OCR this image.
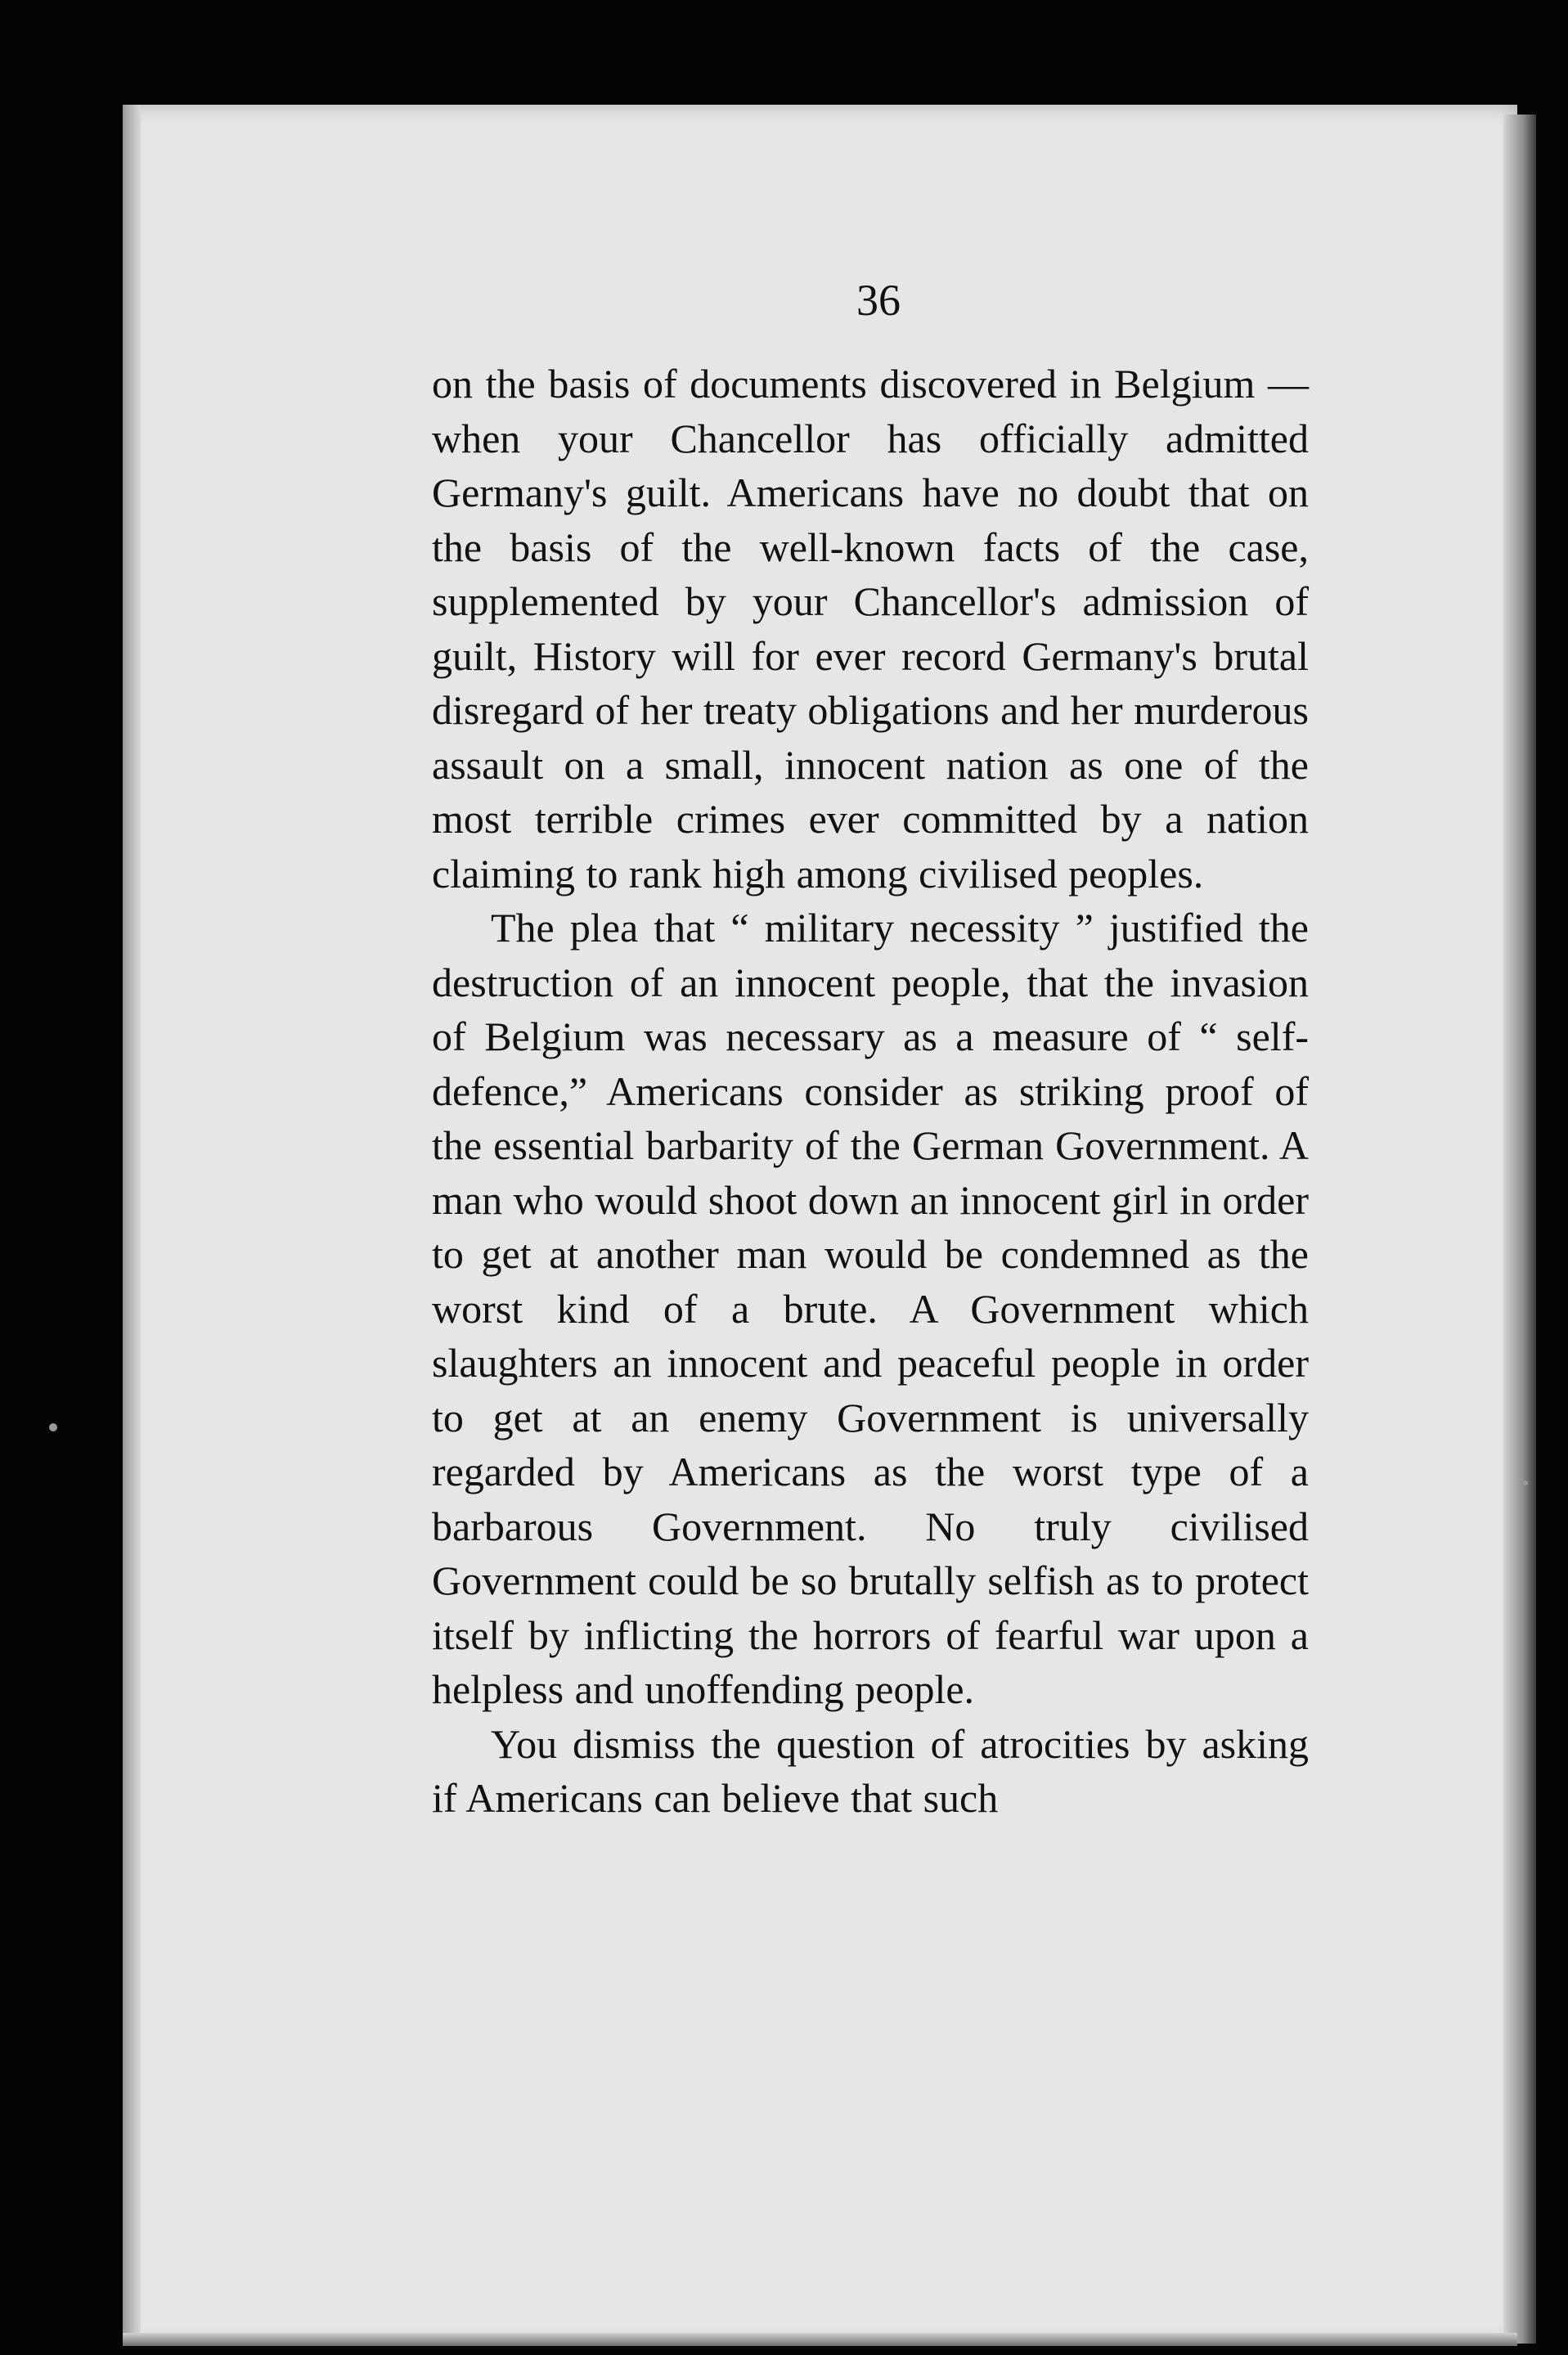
36

on the basis of documents discovered in Belgium —when your Chancellor has officially admitted Germany's guilt. Americans have no doubt that on the basis of the well-known facts of the case, supplemented by your Chancellor's admission of guilt, History will for ever record Germany's brutal disregard of her treaty obligations and her murderous assault on a small, innocent nation as one of the most terrible crimes ever committed by a nation claiming to rank high among civilised peoples.

The plea that “ military necessity ” justified the destruction of an innocent people, that the invasion of Belgium was necessary as a measure of “ self-defence,” Americans consider as striking proof of the essential barbarity of the German Government. A man who would shoot down an innocent girl in order to get at another man would be condemned as the worst kind of a brute. A Government which slaughters an innocent and peaceful people in order to get at an enemy Government is universally regarded by Americans as the worst type of a barbarous Government. No truly civilised Government could be so brutally selfish as to protect itself by inflicting the horrors of fearful war upon a helpless and unoffending people.

You dismiss the question of atrocities by asking if Americans can believe that such
